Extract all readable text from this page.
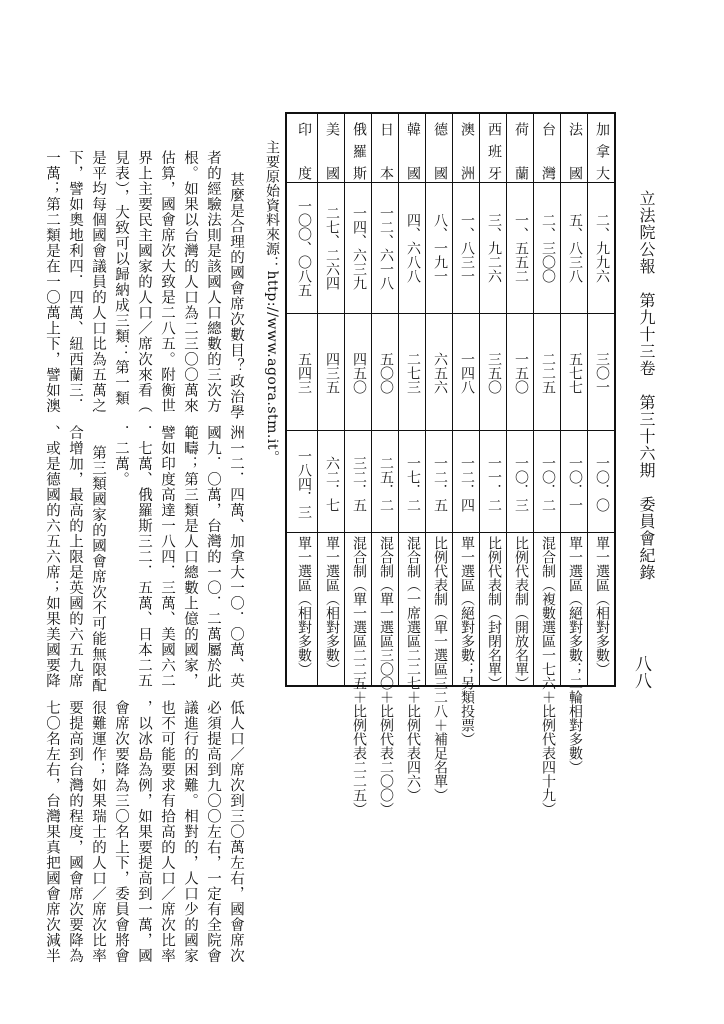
立法院公報　第九十三卷　第三十六期　委員會紀錄
八八
加拿大
二、九九六
三〇一
一〇．〇
單一選區（相對多數）
法國
五、八三八
五七七
一〇．一
單一選區（絕對多數；二輪相對多數）
台灣
二、三〇〇
二二五
一〇．二
混合制（複數選區一七六＋比例代表四十九）
荷蘭
一、五五二
一五〇
一〇．三
比例代表制（開放名單）
西班牙
三、九二六
三五〇
一一．二
比例代表制（封閉名單）
澳洲
一、八三一
一四八
一二．四
單一選區（絕對多數；另類投票）
德國
八、一九一
六五六
一二．五
比例代表制（單一選區三二八＋補足名單）
韓國
四、六八八
二七三
一七．二
混合制（一席選區二二七＋比例代表四六）
日本
一二、六一八
五〇〇
二五．二
混合制（單一選區三〇〇＋比例代表二〇〇）
俄羅斯
一四、六三九
四五〇
三二．五
混合制（單一選區二二五＋比例代表二二五）
美國
二七、二六四
四三五
六二．七
單一選區（相對多數）
印度
一〇〇、〇八五
五四三
一八四．三
單一選區（相對多數）
主要原始資料來源：http://www.agora.stm.it。
甚麼是合理的國會席次數目？政治學
者的經驗法則是該國人口總數的三次方
根。如果以台灣的人口為二三〇〇萬來
估算，國會席次大致是二八五。附衡世
界上主要民主國家的人口／席次來看（
見表），大致可以歸納成三類：第一類
是平均每個國會議員的人口比為五萬之
下，譬如奧地利四．四萬、紐西蘭三．
一萬；第二類是在一〇萬上下，譬如澳
洲一二．四萬、加拿大一〇．〇萬、英
國九．〇萬，台灣的一〇．二萬屬於此
範疇；第三類是人口總數上億的國家，
譬如印度高達一八四．三萬、美國六二
．七萬、俄羅斯三二．五萬、日本二五
．二萬。
第三類國家的國會席次不可能無限配
合增加，最高的上限是英國的六五九席
、或是德國的六五六席；如果美國要降
低人口／席次到三〇萬左右，國會席次
必須提高到九〇〇左右，一定有全院會
議進行的困難。相對的，人口少的國家
也不可能要求有拾高的人口／席次比率
，以冰島為例，如果要提高到一萬，國
會席次要降為三〇名上下，委員會將會
很難運作；如果瑞士的人口／席次比率
要提高到台灣的程度，國會席次要降為
七〇名左右，台灣果真把國會席次減半
